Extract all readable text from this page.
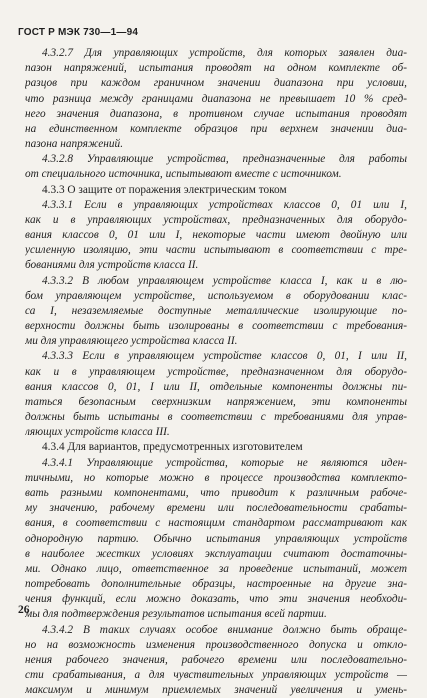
ГОСТ Р МЭК 730—1—94
4.3.2.7 Для управляющих устройств, для которых заявлен диа-
пазон напряжений, испытания проводят на одном комплекте об-
разцов при каждом граничном значении диапазона при условии,
что разница между границами диапазона не превышает 10 % сред-
него значения диапазона, в противном случае испытания проводят
на единственном комплекте образцов при верхнем значении диа-
пазона напряжений.
4.3.2.8 Управляющие устройства, предназначенные для работы
от специального источника, испытывают вместе с источником.
4.3.3 О защите от поражения электрическим током
4.3.3.1 Если в управляющих устройствах классов 0, 01 или I,
как и в управляющих устройствах, предназначенных для оборудо-
вания классов 0, 01 или I, некоторые части имеют двойную или
усиленную изоляцию, эти части испытывают в соответствии с тре-
бованиями для устройств класса II.
4.3.3.2 В любом управляющем устройстве класса I, как и в лю-
бом управляющем устройстве, используемом в оборудовании клас-
са I, незаземляемые доступные металлические изолирующие по-
верхности должны быть изолированы в соответствии с требования-
ми для управляющего устройства класса II.
4.3.3.3 Если в управляющем устройстве классов 0, 01, I или II,
как и в управляющем устройстве, предназначенном для оборудо-
вания классов 0, 01, I или II, отдельные компоненты должны пи-
таться безопасным сверхнизким напряжением, эти компоненты
должны быть испытаны в соответствии с требованиями для управ-
ляющих устройств класса III.
4.3.4 Для вариантов, предусмотренных изготовителем
4.3.4.1 Управляющие устройства, которые не являются иден-
тичными, но которые можно в процессе производства комплекто-
вать разными компонентами, что приводит к различным рабоче-
му значению, рабочему времени или последовательности срабаты-
вания, в соответствии с настоящим стандартом рассматривают как
однородную партию. Обычно испытания управляющих устройств
в наиболее жестких условиях эксплуатации считают достаточны-
ми. Однако лицо, ответственное за проведение испытаний, может
потребовать дополнительные образцы, настроенные на другие зна-
чения функций, если можно доказать, что эти значения необходи-
мы для подтверждения результатов испытания всей партии.
4.3.4.2 В таких случаях особое внимание должно быть обраще-
но на возможность изменения производственного допуска и откло-
нения рабочего значения, рабочего времени или последовательно-
сти срабатывания, а для чувствительных управляющих устройств —
максимум и минимум приемлемых значений увеличения и умень-
26
